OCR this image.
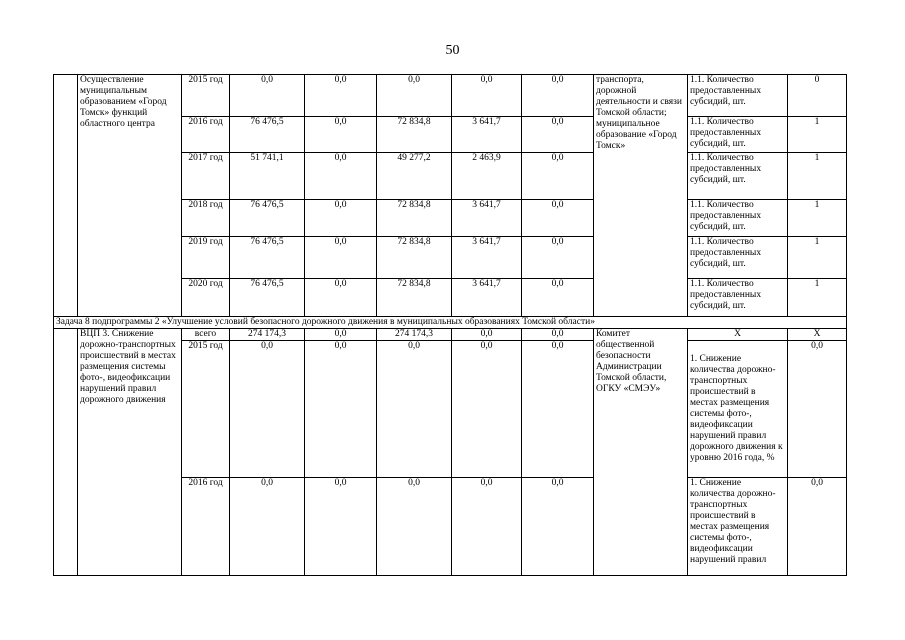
50
	Осуществление муниципальным образованием «Город Томск» функций областного центра	2015 год	0,0	0,0	0,0	0,0	0,0	транспорта, дорожной деятельности и связи Томской области; муниципальное образование «Город Томск»	1.1. Количество предоставленных субсидий, шт.	0
		2016 год	76 476,5	0,0	72 834,8	3 641,7	0,0		1.1. Количество предоставленных субсидий, шт.	1
		2017 год	51 741,1	0,0	49 277,2	2 463,9	0,0		1.1. Количество предоставленных субсидий, шт.	1
		2018 год	76 476,5	0,0	72 834,8	3 641,7	0,0		1.1. Количество предоставленных субсидий, шт.	1
		2019 год	76 476,5	0,0	72 834,8	3 641,7	0,0		1.1. Количество предоставленных субсидий, шт.	1
		2020 год	76 476,5	0,0	72 834,8	3 641,7	0,0		1.1. Количество предоставленных субсидий, шт.	1
Задача 8 подпрограммы 2 «Улучшение условий безопасного дорожного движения в муниципальных образованиях Томской области»										
	ВЦП 3. Снижение дорожно-транспортных происшествий в местах размещения системы фото-, видеофиксации нарушений правил дорожного движения	всего	274 174,3	0,0	274 174,3	0,0	0,0	Комитет общественной безопасности Администрации Томской области, ОГКУ «СМЭУ»	Х	Х
		2015 год	0,0	0,0	0,0	0,0	0,0		1. Снижение количества дорожно-транспортных происшествий в местах размещения системы фото-, видеофиксации нарушений правил дорожного движения к уровню 2016 года, %	0,0
		2016 год	0,0	0,0	0,0	0,0	0,0		1. Снижение количества дорожно-транспортных происшествий в местах размещения системы фото-, видеофиксации нарушений правил	0,0
